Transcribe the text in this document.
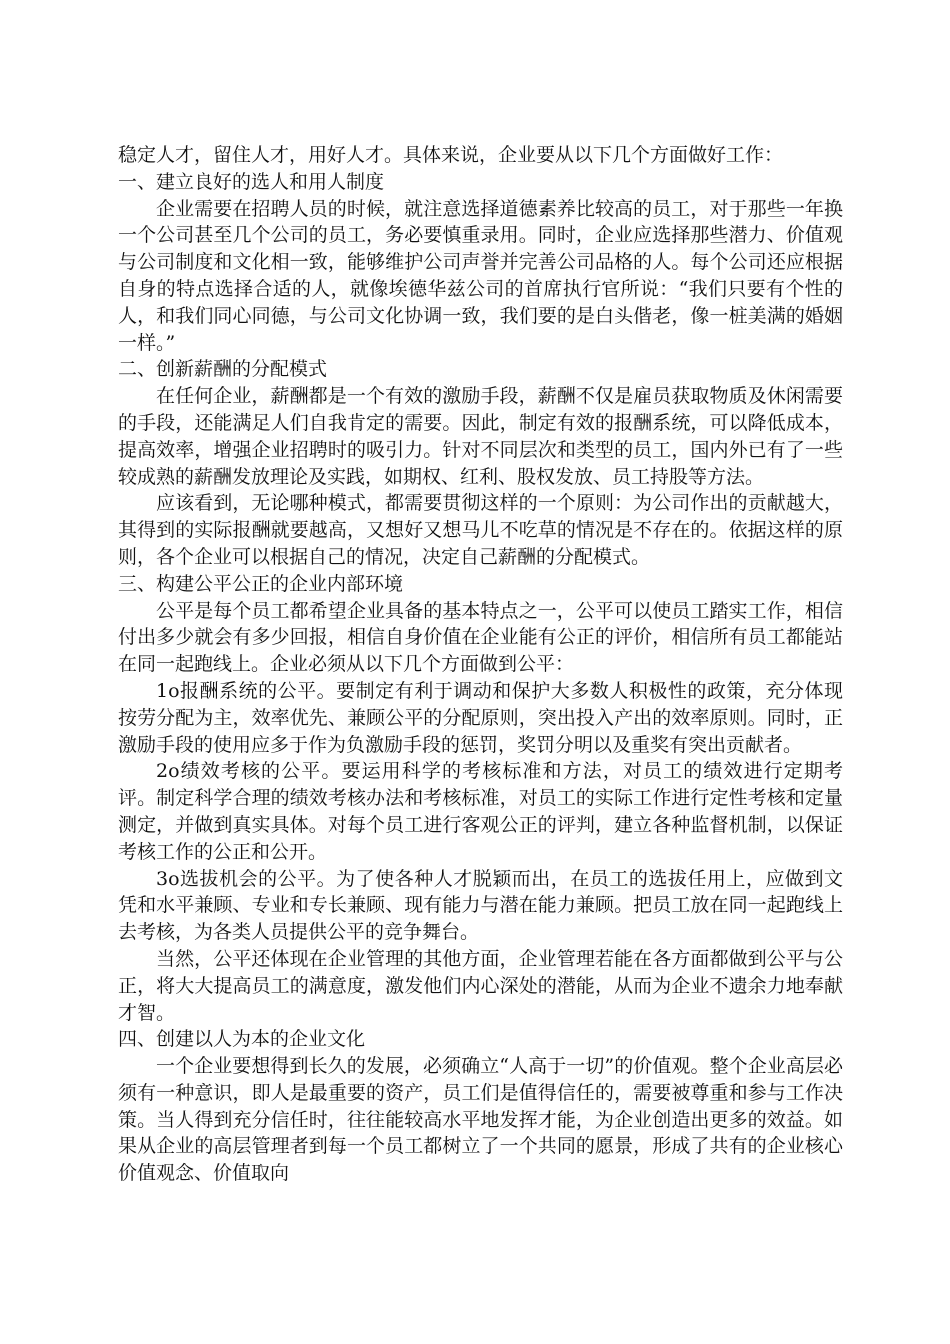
稳定人才，留住人才，用好人才。具体来说，企业要从以下几个方面做好工作：

一、建立良好的选人和用人制度

企业需要在招聘人员的时候，就注意选择道德素养比较高的员工，对于那些一年换一个公司甚至几个公司的员工，务必要慎重录用。同时，企业应选择那些潜力、价值观与公司制度和文化相一致，能够维护公司声誉并完善公司品格的人。每个公司还应根据自身的特点选择合适的人，就像埃德华兹公司的首席执行官所说：“我们只要有个性的人，和我们同心同德，与公司文化协调一致，我们要的是白头偕老，像一桩美满的婚姻一样。”

二、创新薪酬的分配模式

在任何企业，薪酬都是一个有效的激励手段，薪酬不仅是雇员获取物质及休闲需要的手段，还能满足人们自我肯定的需要。因此，制定有效的报酬系统，可以降低成本，提高效率，增强企业招聘时的吸引力。针对不同层次和类型的员工，国内外已有了一些较成熟的薪酬发放理论及实践，如期权、红利、股权发放、员工持股等方法。

应该看到，无论哪种模式，都需要贯彻这样的一个原则：为公司作出的贡献越大，其得到的实际报酬就要越高，又想好又想马儿不吃草的情况是不存在的。依据这样的原则，各个企业可以根据自己的情况，决定自己薪酬的分配模式。

三、构建公平公正的企业内部环境

公平是每个员工都希望企业具备的基本特点之一，公平可以使员工踏实工作，相信付出多少就会有多少回报，相信自身价值在企业能有公正的评价，相信所有员工都能站在同一起跑线上。企业必须从以下几个方面做到公平：

1o报酬系统的公平。要制定有利于调动和保护大多数人积极性的政策，充分体现按劳分配为主，效率优先、兼顾公平的分配原则，突出投入产出的效率原则。同时，正激励手段的使用应多于作为负激励手段的惩罚，奖罚分明以及重奖有突出贡献者。

2o绩效考核的公平。要运用科学的考核标准和方法，对员工的绩效进行定期考评。制定科学合理的绩效考核办法和考核标准，对员工的实际工作进行定性考核和定量测定，并做到真实具体。对每个员工进行客观公正的评判，建立各种监督机制，以保证考核工作的公正和公开。

3o选拔机会的公平。为了使各种人才脱颖而出，在员工的选拔任用上，应做到文凭和水平兼顾、专业和专长兼顾、现有能力与潜在能力兼顾。把员工放在同一起跑线上去考核，为各类人员提供公平的竞争舞台。

当然，公平还体现在企业管理的其他方面，企业管理若能在各方面都做到公平与公正，将大大提高员工的满意度，激发他们内心深处的潜能，从而为企业不遗余力地奉献才智。

四、创建以人为本的企业文化

一个企业要想得到长久的发展，必须确立“人高于一切”的价值观。整个企业高层必须有一种意识，即人是最重要的资产，员工们是值得信任的，需要被尊重和参与工作决策。当人得到充分信任时，往往能较高水平地发挥才能，为企业创造出更多的效益。如果从企业的高层管理者到每一个员工都树立了一个共同的愿景，形成了共有的企业核心价值观念、价值取向
